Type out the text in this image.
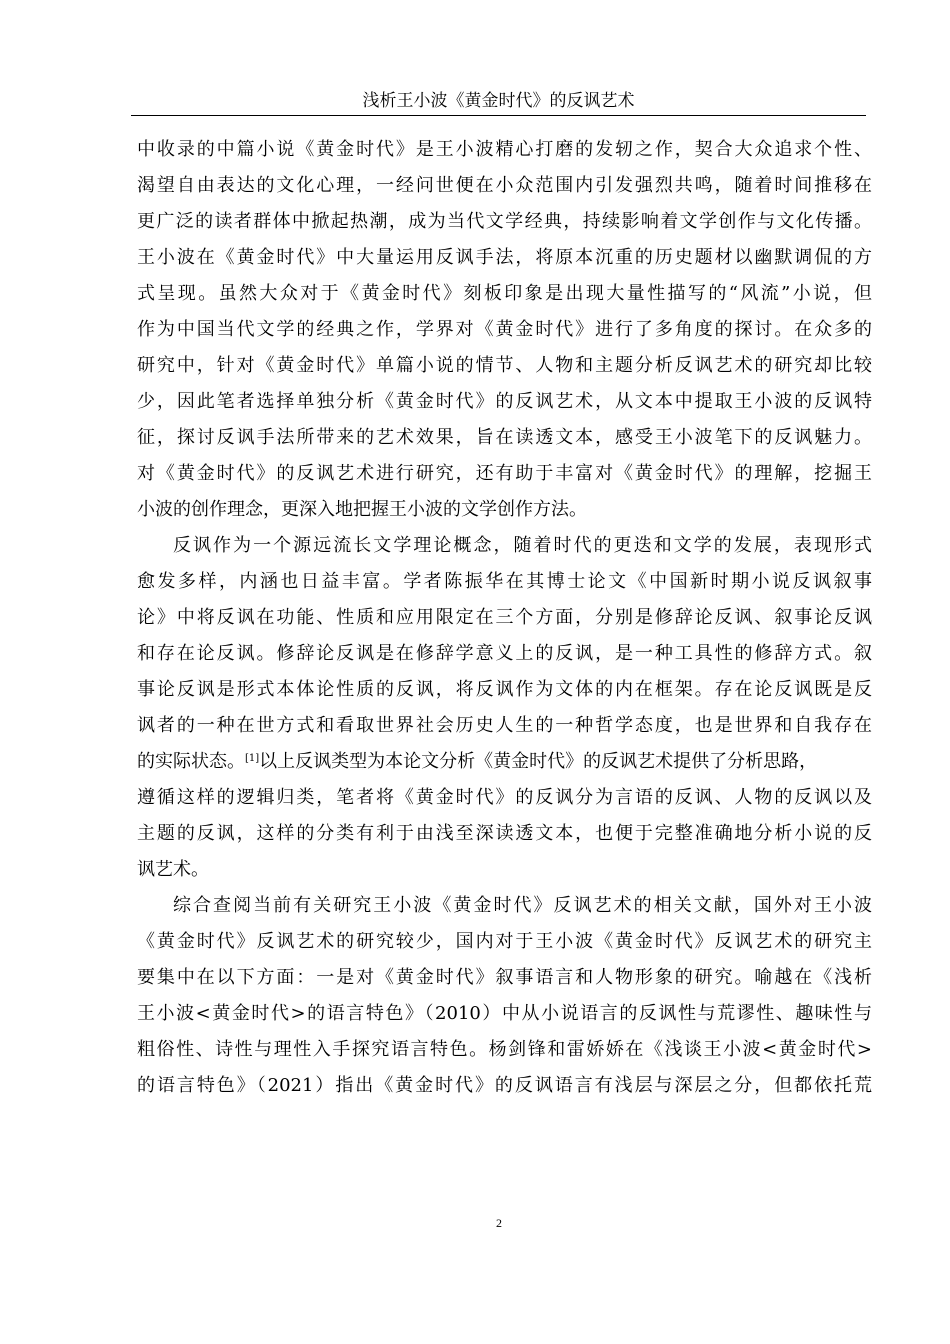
浅析王小波《黄金时代》的反讽艺术
中收录的中篇小说《黄金时代》是王小波精心打磨的发轫之作，契合大众追求个性、
渴望自由表达的文化心理，一经问世便在小众范围内引发强烈共鸣，随着时间推移在
更广泛的读者群体中掀起热潮，成为当代文学经典，持续影响着文学创作与文化传播。
王小波在《黄金时代》中大量运用反讽手法，将原本沉重的历史题材以幽默调侃的方
式呈现。虽然大众对于《黄金时代》刻板印象是出现大量性描写的“风流”小说，但
作为中国当代文学的经典之作，学界对《黄金时代》进行了多角度的探讨。在众多的
研究中，针对《黄金时代》单篇小说的情节、人物和主题分析反讽艺术的研究却比较
少，因此笔者选择单独分析《黄金时代》的反讽艺术，从文本中提取王小波的反讽特
征，探讨反讽手法所带来的艺术效果，旨在读透文本，感受王小波笔下的反讽魅力。
对《黄金时代》的反讽艺术进行研究，还有助于丰富对《黄金时代》的理解，挖掘王
小波的创作理念，更深入地把握王小波的文学创作方法。
反讽作为一个源远流长文学理论概念，随着时代的更迭和文学的发展，表现形式
愈发多样，内涵也日益丰富。学者陈振华在其博士论文《中国新时期小说反讽叙事
论》中将反讽在功能、性质和应用限定在三个方面，分别是修辞论反讽、叙事论反讽
和存在论反讽。修辞论反讽是在修辞学意义上的反讽，是一种工具性的修辞方式。叙
事论反讽是形式本体论性质的反讽，将反讽作为文体的内在框架。存在论反讽既是反
讽者的一种在世方式和看取世界社会历史人生的一种哲学态度，也是世界和自我存在
的实际状态。[1]以上反讽类型为本论文分析《黄金时代》的反讽艺术提供了分析思路，
遵循这样的逻辑归类，笔者将《黄金时代》的反讽分为言语的反讽、人物的反讽以及
主题的反讽，这样的分类有利于由浅至深读透文本，也便于完整准确地分析小说的反
讽艺术。
综合查阅当前有关研究王小波《黄金时代》反讽艺术的相关文献，国外对王小波
《黄金时代》反讽艺术的研究较少，国内对于王小波《黄金时代》反讽艺术的研究主
要集中在以下方面：一是对《黄金时代》叙事语言和人物形象的研究。喻越在《浅析
王小波<黄金时代>的语言特色》（2010）中从小说语言的反讽性与荒谬性、趣味性与
粗俗性、诗性与理性入手探究语言特色。杨剑锋和雷娇娇在《浅谈王小波<黄金时代>
的语言特色》（2021）指出《黄金时代》的反讽语言有浅层与深层之分，但都依托荒
2
